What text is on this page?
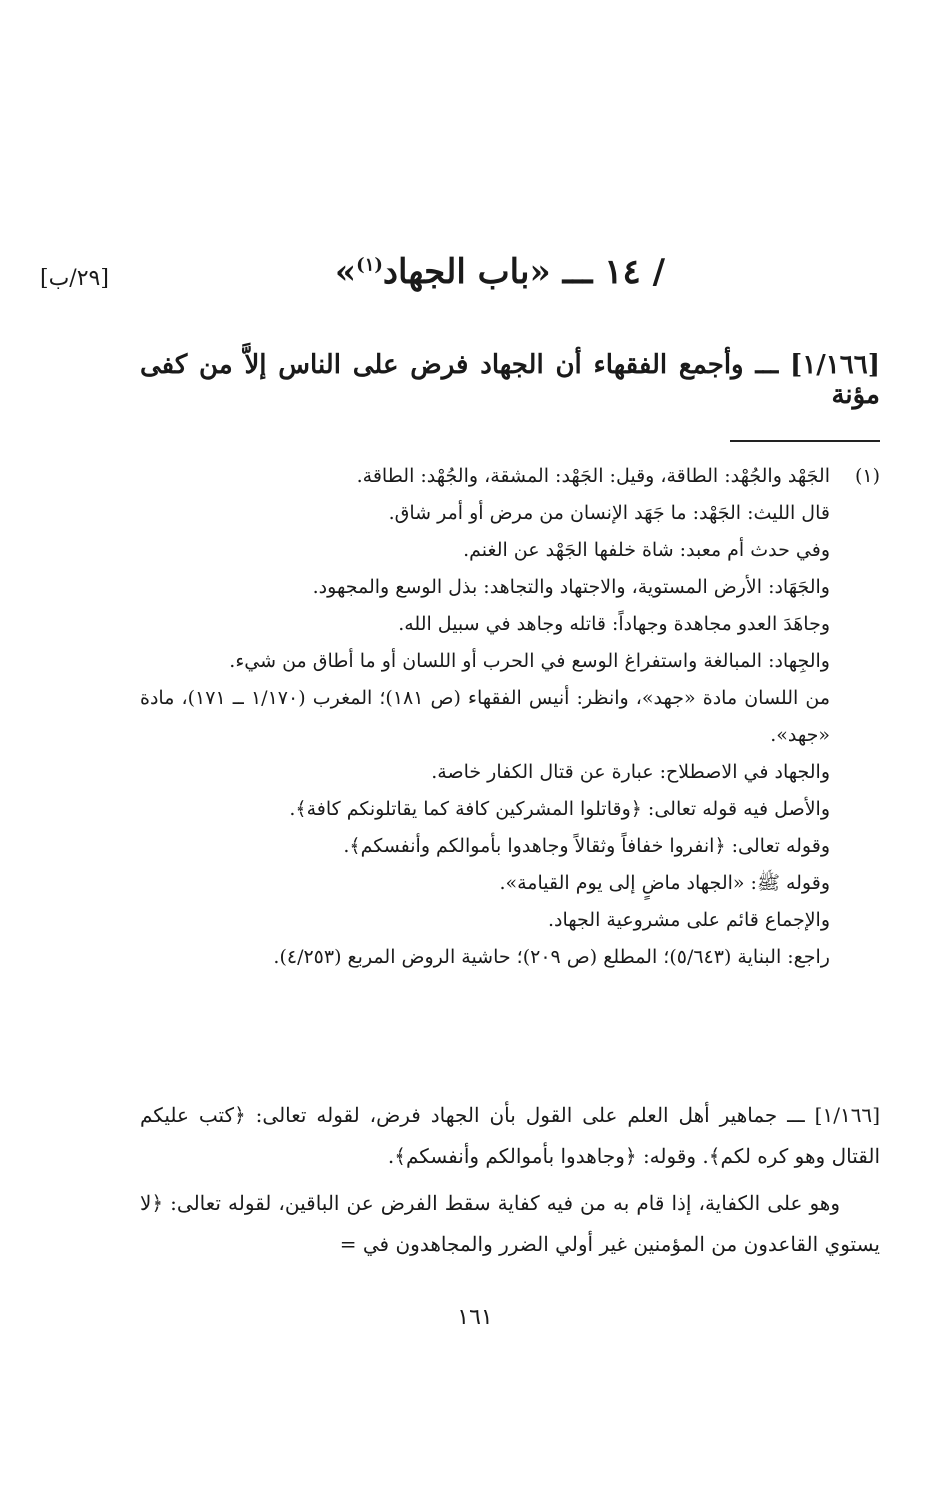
/ ١٤ ـــ «باب الجهاد$^{(١)}$»
[٢٩/ب]
[١/١٦٦] ـــ وأجمع الفقهاء أن الجهاد فرض على الناس إلاَّ من كفى مؤنة
(١)
الجَهْد والجُهْد: الطاقة، وقيل: الجَهْد: المشقة، والجُهْد: الطاقة.
قال الليث: الجَهْد: ما جَهَد الإنسان من مرض أو أمر شاق.
وفي حدث أم معبد: شاة خلفها الجَهْد عن الغنم.
والجَهَاد: الأرض المستوية، والاجتهاد والتجاهد: بذل الوسع والمجهود.
وجاهَدَ العدو مجاهدة وجهاداً: قاتله وجاهد في سبيل الله.
والجِهاد: المبالغة واستفراغ الوسع في الحرب أو اللسان أو ما أطاق من شيء.
من اللسان مادة «جهد»، وانظر: أنيس الفقهاء (ص ١٨١)؛ المغرب (١/١٧٠ ــ ١٧١)، مادة «جهد».
والجهاد في الاصطلاح: عبارة عن قتال الكفار خاصة.
والأصل فيه قوله تعالى: ﴿وقاتلوا المشركين كافة كما يقاتلونكم كافة﴾.
وقوله تعالى: ﴿انفروا خفافاً وثقالاً وجاهدوا بأموالكم وأنفسكم﴾.
وقوله ﷺ: «الجهاد ماضٍ إلى يوم القيامة».
والإجماع قائم على مشروعية الجهاد.
راجع: البناية (٥/٦٤٣)؛ المطلع (ص ٢٠٩)؛ حاشية الروض المربع (٤/٢٥٣).

[١/١٦٦] ـــ جماهير أهل العلم على القول بأن الجهاد فرض، لقوله تعالى: ﴿كتب عليكم القتال وهو كره لكم﴾. وقوله: ﴿وجاهدوا بأموالكم وأنفسكم﴾.

وهو على الكفاية، إذا قام به من فيه كفاية سقط الفرض عن الباقين، لقوله تعالى: ﴿لا يستوي القاعدون من المؤمنين غير أولي الضرر والمجاهدون في =

١٦١
